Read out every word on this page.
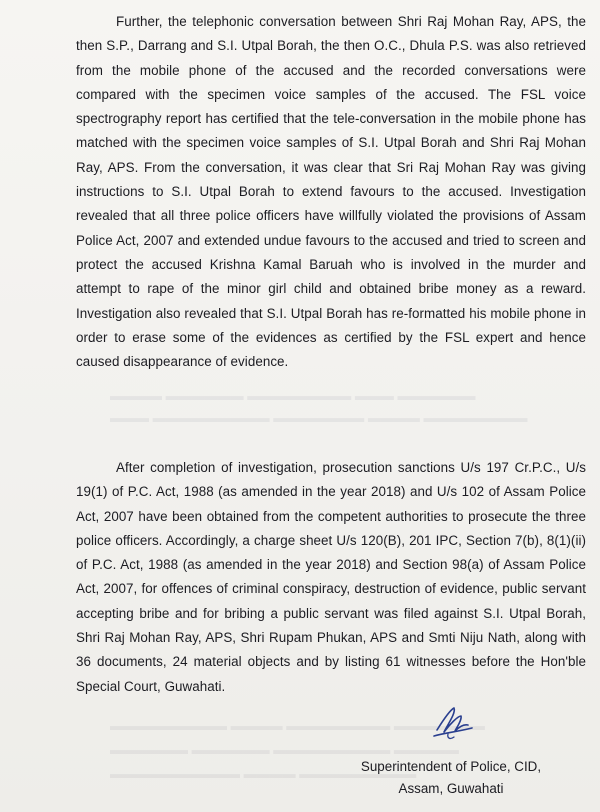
▬▬▬▬▬▬ ▬▬▬ ▬▬▬▬▬▬▬▬ ▬▬▬▬▬▬ ▬▬▬▬
▬▬▬▬▬▬▬▬ ▬▬▬▬ ▬▬▬▬▬▬▬ ▬▬▬▬▬▬▬▬▬ ▬▬▬
▬▬▬▬▬▬▬ ▬▬▬▬▬▬▬▬ ▬▬▬▬ ▬▬▬▬▬▬▬▬▬
▬▬▬▬▬ ▬▬▬▬▬▬▬▬▬ ▬▬▬▬▬▬ ▬▬▬▬▬▬
▬▬▬▬▬▬▬▬▬ ▬▬▬▬ ▬▬▬▬▬▬▬▬▬▬

Further, the telephonic conversation between Shri Raj Mohan Ray, APS, the then S.P., Darrang and S.I. Utpal Borah, the then O.C., Dhula P.S. was also retrieved from the mobile phone of the accused and the recorded conversations were compared with the specimen voice samples of the accused. The FSL voice spectrography report has certified that the tele-conversation in the mobile phone has matched with the specimen voice samples of S.I. Utpal Borah and Shri Raj Mohan Ray, APS. From the conversation, it was clear that Sri Raj Mohan Ray was giving instructions to S.I. Utpal Borah to extend favours to the accused. Investigation revealed that all three police officers have willfully violated the provisions of Assam Police Act, 2007 and extended undue favours to the accused and tried to screen and protect the accused Krishna Kamal Baruah who is involved in the murder and attempt to rape of the minor girl child and obtained bribe money as a reward. Investigation also revealed that S.I. Utpal Borah has re-formatted his mobile phone in order to erase some of the evidences as certified by the FSL expert and hence caused disappearance of evidence.

After completion of investigation, prosecution sanctions U/s 197 Cr.P.C., U/s 19(1) of P.C. Act, 1988 (as amended in the year 2018) and U/s 102 of Assam Police Act, 2007 have been obtained from the competent authorities to prosecute the three police officers. Accordingly, a charge sheet U/s 120(B), 201 IPC, Section 7(b), 8(1)(ii) of P.C. Act, 1988 (as amended in the year 2018) and Section 98(a) of Assam Police Act, 2007, for offences of criminal conspiracy, destruction of evidence, public servant accepting bribe and for bribing a public servant was filed against S.I. Utpal Borah, Shri Raj Mohan Ray, APS, Shri Rupam Phukan, APS and Smti Niju Nath, along with 36 documents, 24 material objects and by listing 61 witnesses before the Hon'ble Special Court, Guwahati.

Superintendent of Police, CID,
Assam, Guwahati
